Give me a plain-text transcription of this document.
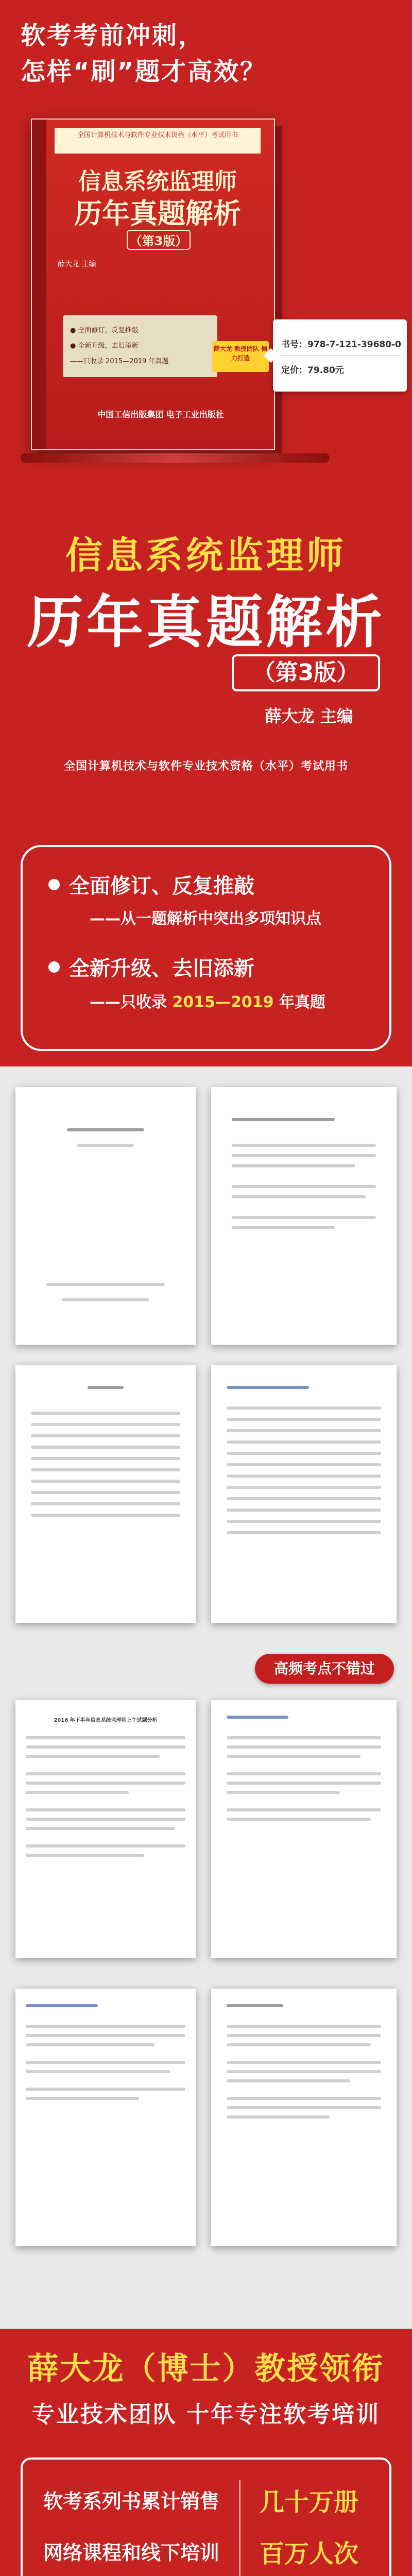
软考考前冲刺，
怎样“刷”题才高效？
全国计算机技术与软件专业技术资格（水平）考试用书
信息系统监理师
历年真题解析
（第3版）
薛大龙 主编
● 全面修订，反复推敲
● 全新升级，去旧添新
——只收录 2015—2019 年真题
薛大龙 教授团队 倾力打造
中国工信出版集团 电子工业出版社
书号：978-7-121-39680-0
定价：79.80元
信息系统监理师
历年真题解析
（第3版）
薛大龙 主编
全国计算机技术与软件专业技术资格（水平）考试用书
全面修订、反复推敲
——从一题解析中突出多项知识点
全新升级、去旧添新
——只收录 2015—2019 年真题
高频考点不错过
2016 年下半年信息系统监理师上午试题分析
薛大龙（博士）教授领衔
专业技术团队 十年专注软考培训
软考系列书累计销售 几十万册
网络课程和线下培训 百万人次
